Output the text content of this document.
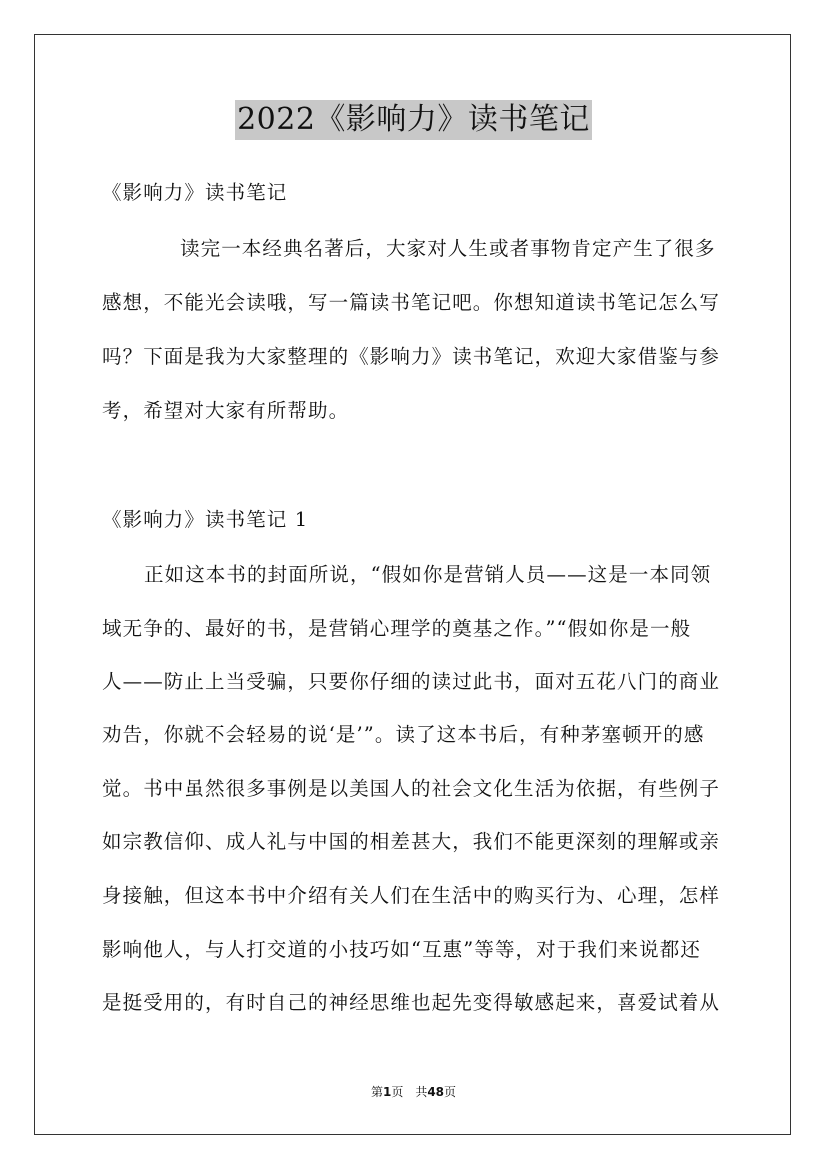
2022《影响力》读书笔记
《影响力》读书笔记
读完一本经典名著后，大家对人生或者事物肯定产生了很多
感想，不能光会读哦，写一篇读书笔记吧。你想知道读书笔记怎么写
吗？下面是我为大家整理的《影响力》读书笔记，欢迎大家借鉴与参
考，希望对大家有所帮助。
《影响力》读书笔记 1
正如这本书的封面所说，“假如你是营销人员——这是一本同领
域无争的、最好的书，是营销心理学的奠基之作。”“假如你是一般
人——防止上当受骗，只要你仔细的读过此书，面对五花八门的商业
劝告，你就不会轻易的说‘是’”。读了这本书后，有种茅塞顿开的感
觉。书中虽然很多事例是以美国人的社会文化生活为依据，有些例子
如宗教信仰、成人礼与中国的相差甚大，我们不能更深刻的理解或亲
身接触，但这本书中介绍有关人们在生活中的购买行为、心理，怎样
影响他人，与人打交道的小技巧如“互惠”等等，对于我们来说都还
是挺受用的，有时自己的神经思维也起先变得敏感起来，喜爱试着从
第1页　共48页
